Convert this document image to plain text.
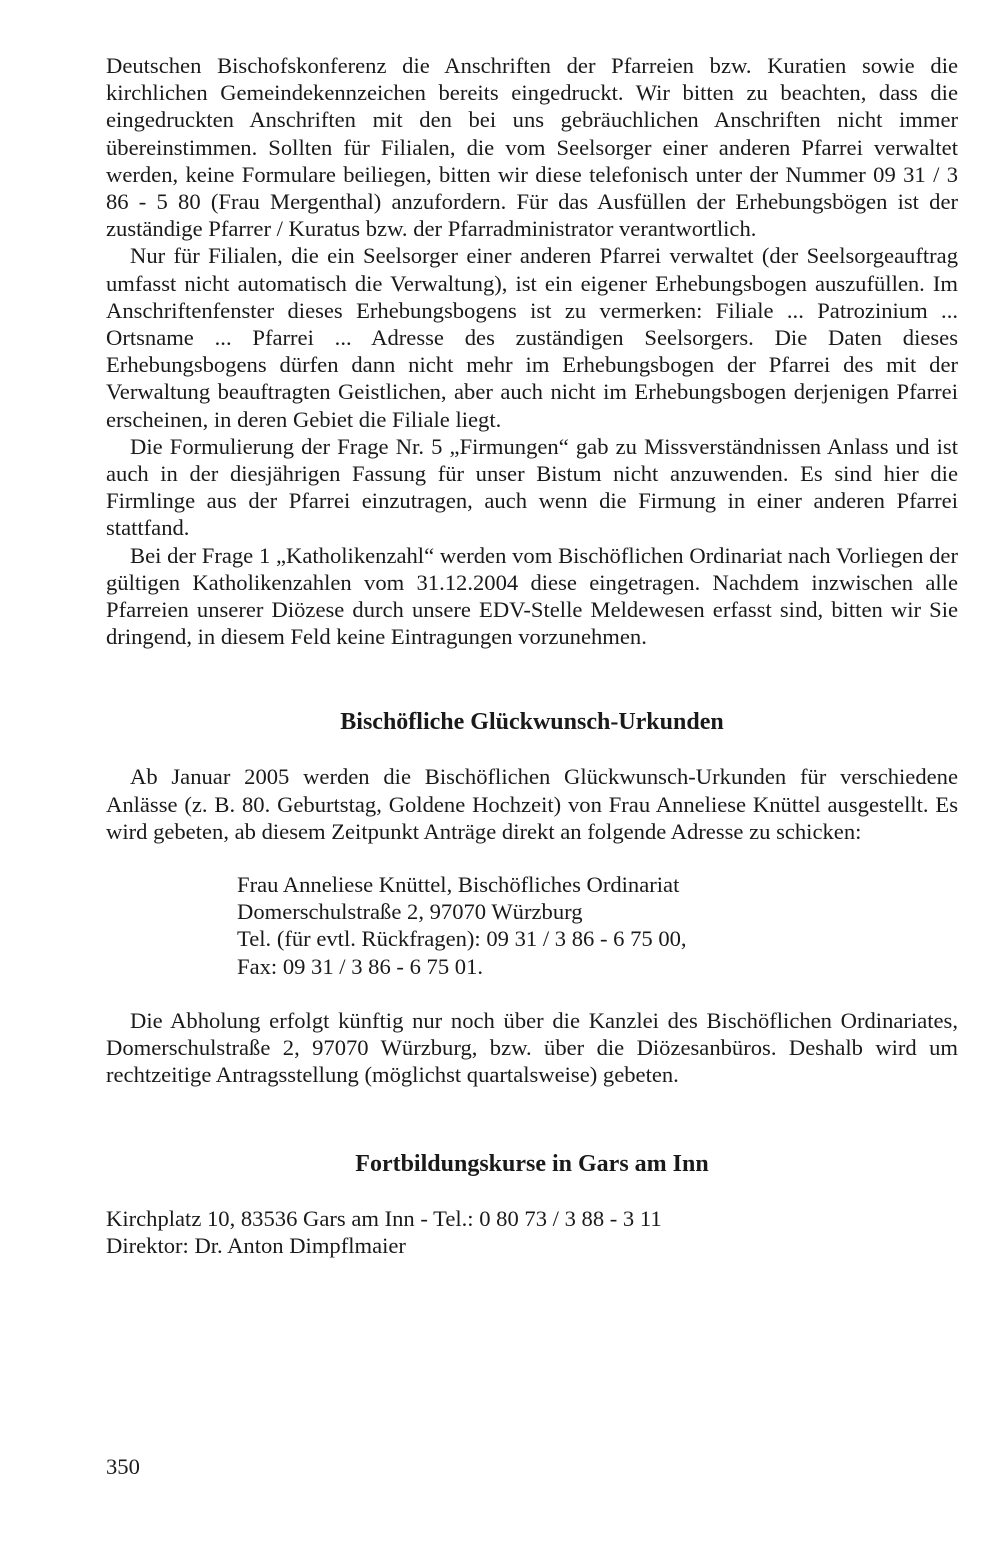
Deutschen Bischofskonferenz die Anschriften der Pfarreien bzw. Kuratien sowie die kirchlichen Gemeindekennzeichen bereits eingedruckt. Wir bitten zu beachten, dass die eingedruckten Anschriften mit den bei uns gebräuchlichen Anschriften nicht immer übereinstimmen. Sollten für Filialen, die vom Seelsorger einer anderen Pfarrei verwaltet werden, keine Formulare beiliegen, bitten wir diese telefonisch unter der Nummer 09 31 / 3 86 - 5 80 (Frau Mergenthal) anzufordern. Für das Ausfüllen der Erhebungsbögen ist der zuständige Pfarrer / Kuratus bzw. der Pfarradministrator verantwortlich.

Nur für Filialen, die ein Seelsorger einer anderen Pfarrei verwaltet (der Seelsorgeauftrag umfasst nicht automatisch die Verwaltung), ist ein eigener Erhebungsbogen auszufüllen. Im Anschriftenfenster dieses Erhebungsbogens ist zu vermerken: Filiale ... Patrozinium ... Ortsname ... Pfarrei ... Adresse des zuständigen Seelsorgers. Die Daten dieses Erhebungsbogens dürfen dann nicht mehr im Erhebungsbogen der Pfarrei des mit der Verwaltung beauftragten Geistlichen, aber auch nicht im Erhebungsbogen derjenigen Pfarrei erscheinen, in deren Gebiet die Filiale liegt.

Die Formulierung der Frage Nr. 5 „Firmungen“ gab zu Missverständnissen Anlass und ist auch in der diesjährigen Fassung für unser Bistum nicht anzuwenden. Es sind hier die Firmlinge aus der Pfarrei einzutragen, auch wenn die Firmung in einer anderen Pfarrei stattfand.

Bei der Frage 1 „Katholikenzahl“ werden vom Bischöflichen Ordinariat nach Vorliegen der gültigen Katholikenzahlen vom 31.12.2004 diese eingetragen. Nachdem inzwischen alle Pfarreien unserer Diözese durch unsere EDV-Stelle Meldewesen erfasst sind, bitten wir Sie dringend, in diesem Feld keine Eintragungen vorzunehmen.

Bischöfliche Glückwunsch-Urkunden

Ab Januar 2005 werden die Bischöflichen Glückwunsch-Urkunden für verschiedene Anlässe (z. B. 80. Geburtstag, Goldene Hochzeit) von Frau Anneliese Knüttel ausgestellt. Es wird gebeten, ab diesem Zeitpunkt Anträge direkt an folgende Adresse zu schicken:

Frau Anneliese Knüttel, Bischöfliches Ordinariat
Domerschulstraße 2, 97070 Würzburg
Tel. (für evtl. Rückfragen): 09 31 / 3 86 - 6 75 00,
Fax: 09 31 / 3 86 - 6 75 01.

Die Abholung erfolgt künftig nur noch über die Kanzlei des Bischöflichen Ordinariates, Domerschulstraße 2, 97070 Würzburg, bzw. über die Diözesanbüros. Deshalb wird um rechtzeitige Antragsstellung (möglichst quartalsweise) gebeten.

Fortbildungskurse in Gars am Inn
Kirchplatz 10, 83536 Gars am Inn - Tel.: 0 80 73 / 3 88 - 3 11
Direktor: Dr. Anton Dimpflmaier
350
